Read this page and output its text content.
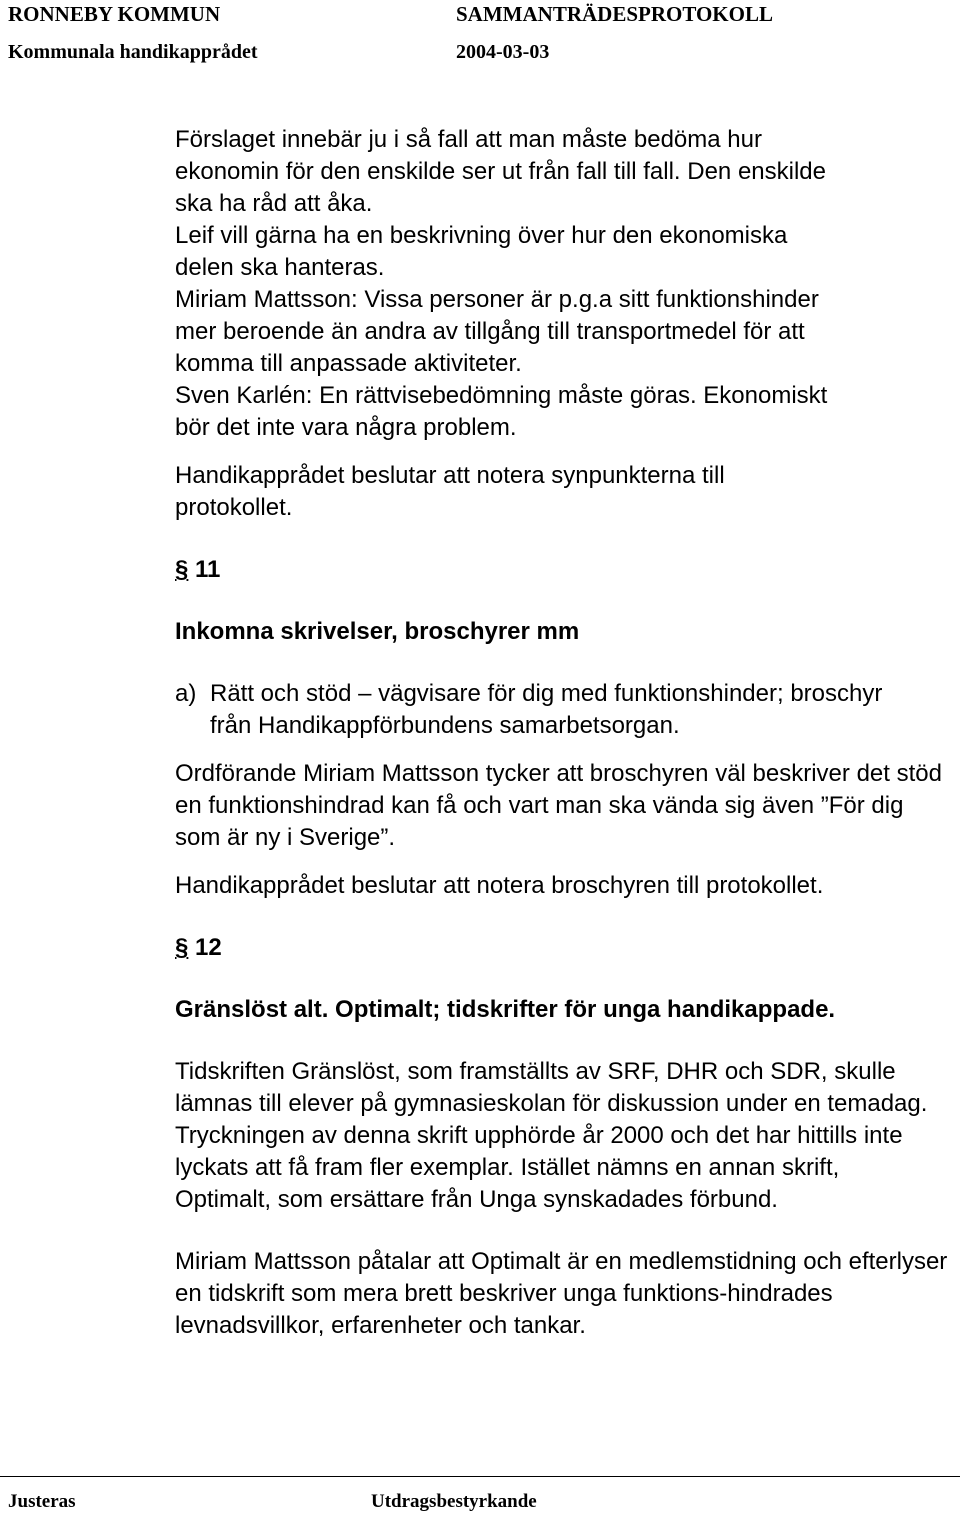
RONNEBY KOMMUN	SAMMANTRÄDESPROTOKOLL
Kommunala handikapprådet	2004-03-03

Förslaget innebär ju i så fall att man måste bedöma hur

ekonomin för den enskilde ser ut från fall till fall. Den enskilde

ska ha råd att åka.

Leif vill gärna ha en beskrivning över hur den ekonomiska

delen ska hanteras.

Miriam Mattsson: Vissa personer är p.g.a sitt funktionshinder

mer beroende än andra av tillgång till transportmedel för att

komma till anpassade aktiviteter.

Sven Karlén: En rättvisebedömning måste göras. Ekonomiskt

bör det inte vara några problem.

Handikapprådet beslutar att notera synpunkterna till protokollet.

§ 11

Inkomna skrivelser, broschyrer mm

a) Rätt och stöd – vägvisare för dig med funktionshinder; broschyr från Handikappförbundens samarbetsorgan.

Ordförande Miriam Mattsson tycker att broschyren väl beskriver det stöd en funktionshindrad kan få och vart man ska vända sig även ”För dig som är ny i Sverige”.

Handikapprådet beslutar att notera broschyren till protokollet.

§ 12

Gränslöst alt. Optimalt; tidskrifter för unga handikappade.

Tidskriften Gränslöst, som framställts av SRF, DHR och SDR, skulle lämnas till elever på gymnasieskolan för diskussion under en temadag. Tryckningen av denna skrift upphörde år 2000 och det har hittills inte lyckats att få fram fler exemplar. Istället nämns en annan skrift, Optimalt, som ersättare från Unga synskadades förbund.

Miriam Mattsson påtalar att Optimalt är en medlemstidning och efterlyser en tidskrift som mera brett beskriver unga funktions-hindrades levnadsvillkor, erfarenheter och tankar.

Justeras	Utdragsbestyrkande
